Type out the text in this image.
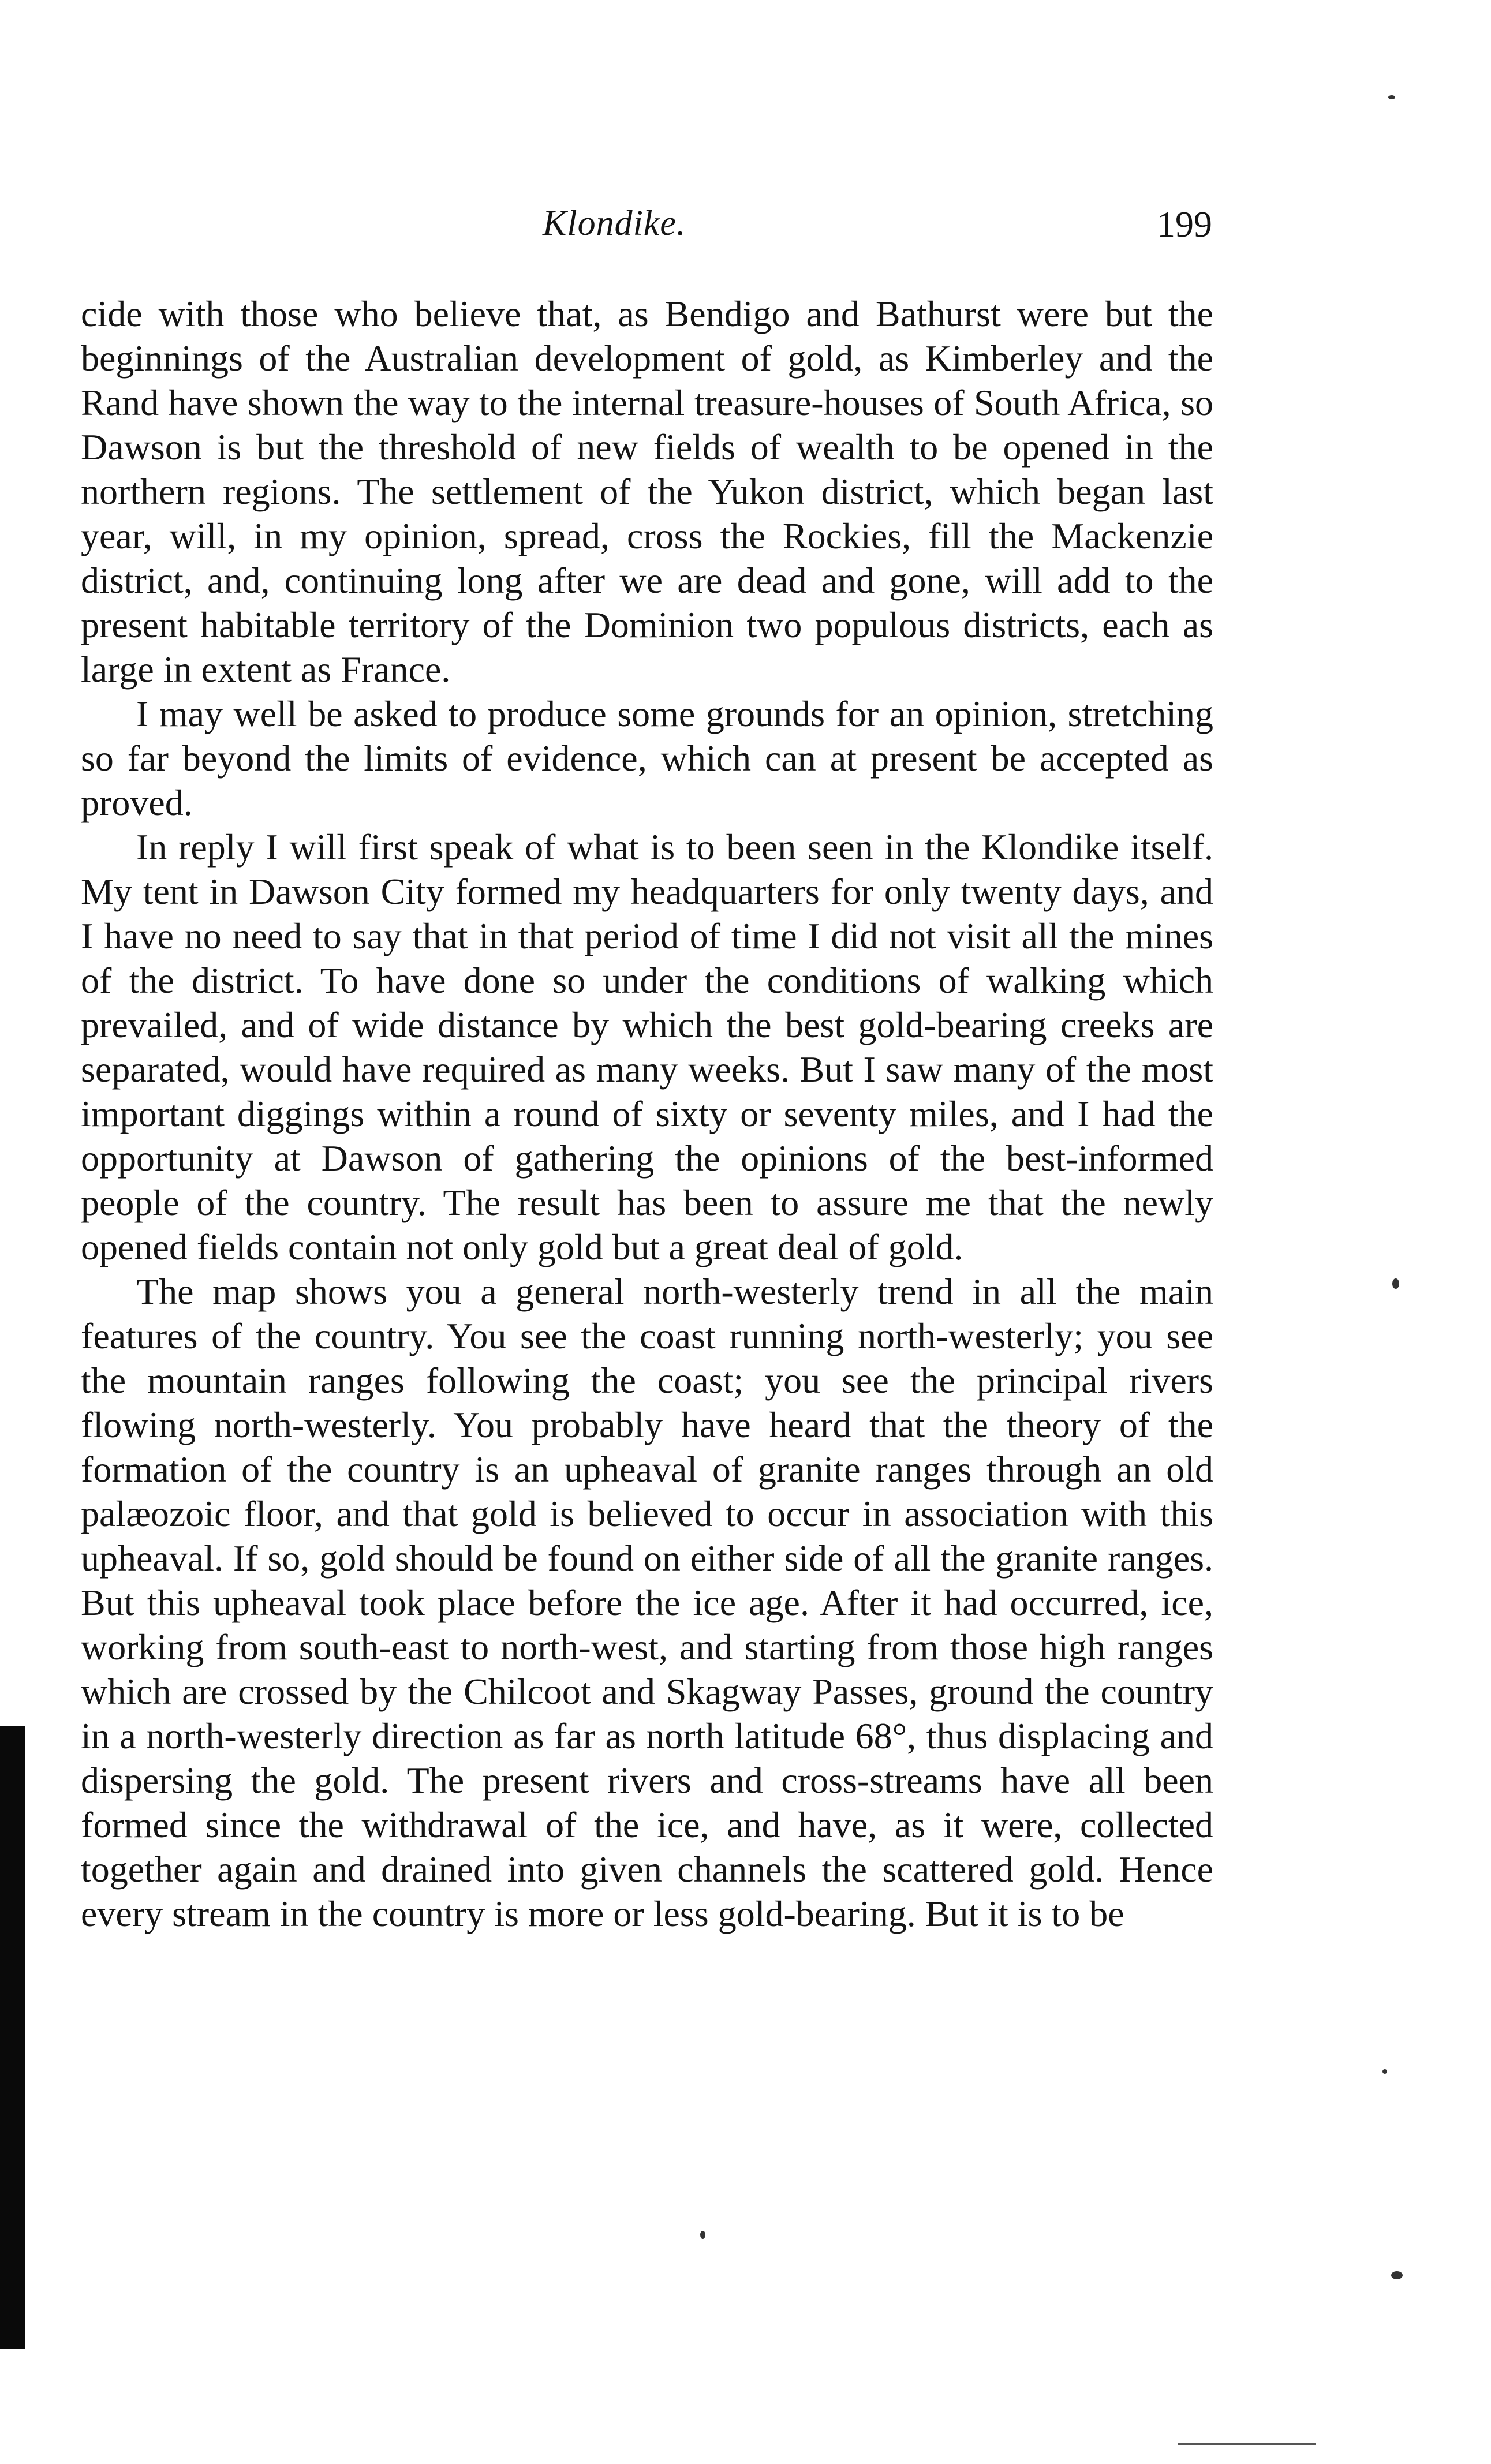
Klondike.	199

cide with those who believe that, as Bendigo and Bathurst were but the beginnings of the Australian development of gold, as Kimberley and the Rand have shown the way to the internal treasure-houses of South Africa, so Dawson is but the threshold of new fields of wealth to be opened in the northern regions. The settlement of the Yukon district, which began last year, will, in my opinion, spread, cross the Rockies, fill the Mackenzie district, and, continuing long after we are dead and gone, will add to the present habitable territory of the Dominion two populous districts, each as large in extent as France.

I may well be asked to produce some grounds for an opinion, stretching so far beyond the limits of evidence, which can at present be accepted as proved.

In reply I will first speak of what is to been seen in the Klondike itself. My tent in Dawson City formed my headquarters for only twenty days, and I have no need to say that in that period of time I did not visit all the mines of the district. To have done so under the conditions of walking which prevailed, and of wide distance by which the best gold-bearing creeks are separated, would have required as many weeks. But I saw many of the most important diggings within a round of sixty or seventy miles, and I had the opportunity at Dawson of gathering the opinions of the best-informed people of the country. The result has been to assure me that the newly opened fields contain not only gold but a great deal of gold.

The map shows you a general north-westerly trend in all the main features of the country. You see the coast running north-westerly; you see the mountain ranges following the coast; you see the principal rivers flowing north-westerly. You probably have heard that the theory of the formation of the country is an upheaval of granite ranges through an old palæozoic floor, and that gold is believed to occur in association with this upheaval. If so, gold should be found on either side of all the granite ranges. But this upheaval took place before the ice age. After it had occurred, ice, working from south-east to north-west, and starting from those high ranges which are crossed by the Chilcoot and Skagway Passes, ground the country in a north-westerly direction as far as north latitude 68°, thus displacing and dispersing the gold. The present rivers and cross-streams have all been formed since the withdrawal of the ice, and have, as it were, collected together again and drained into given channels the scattered gold. Hence every stream in the country is more or less gold-bearing. But it is to be
